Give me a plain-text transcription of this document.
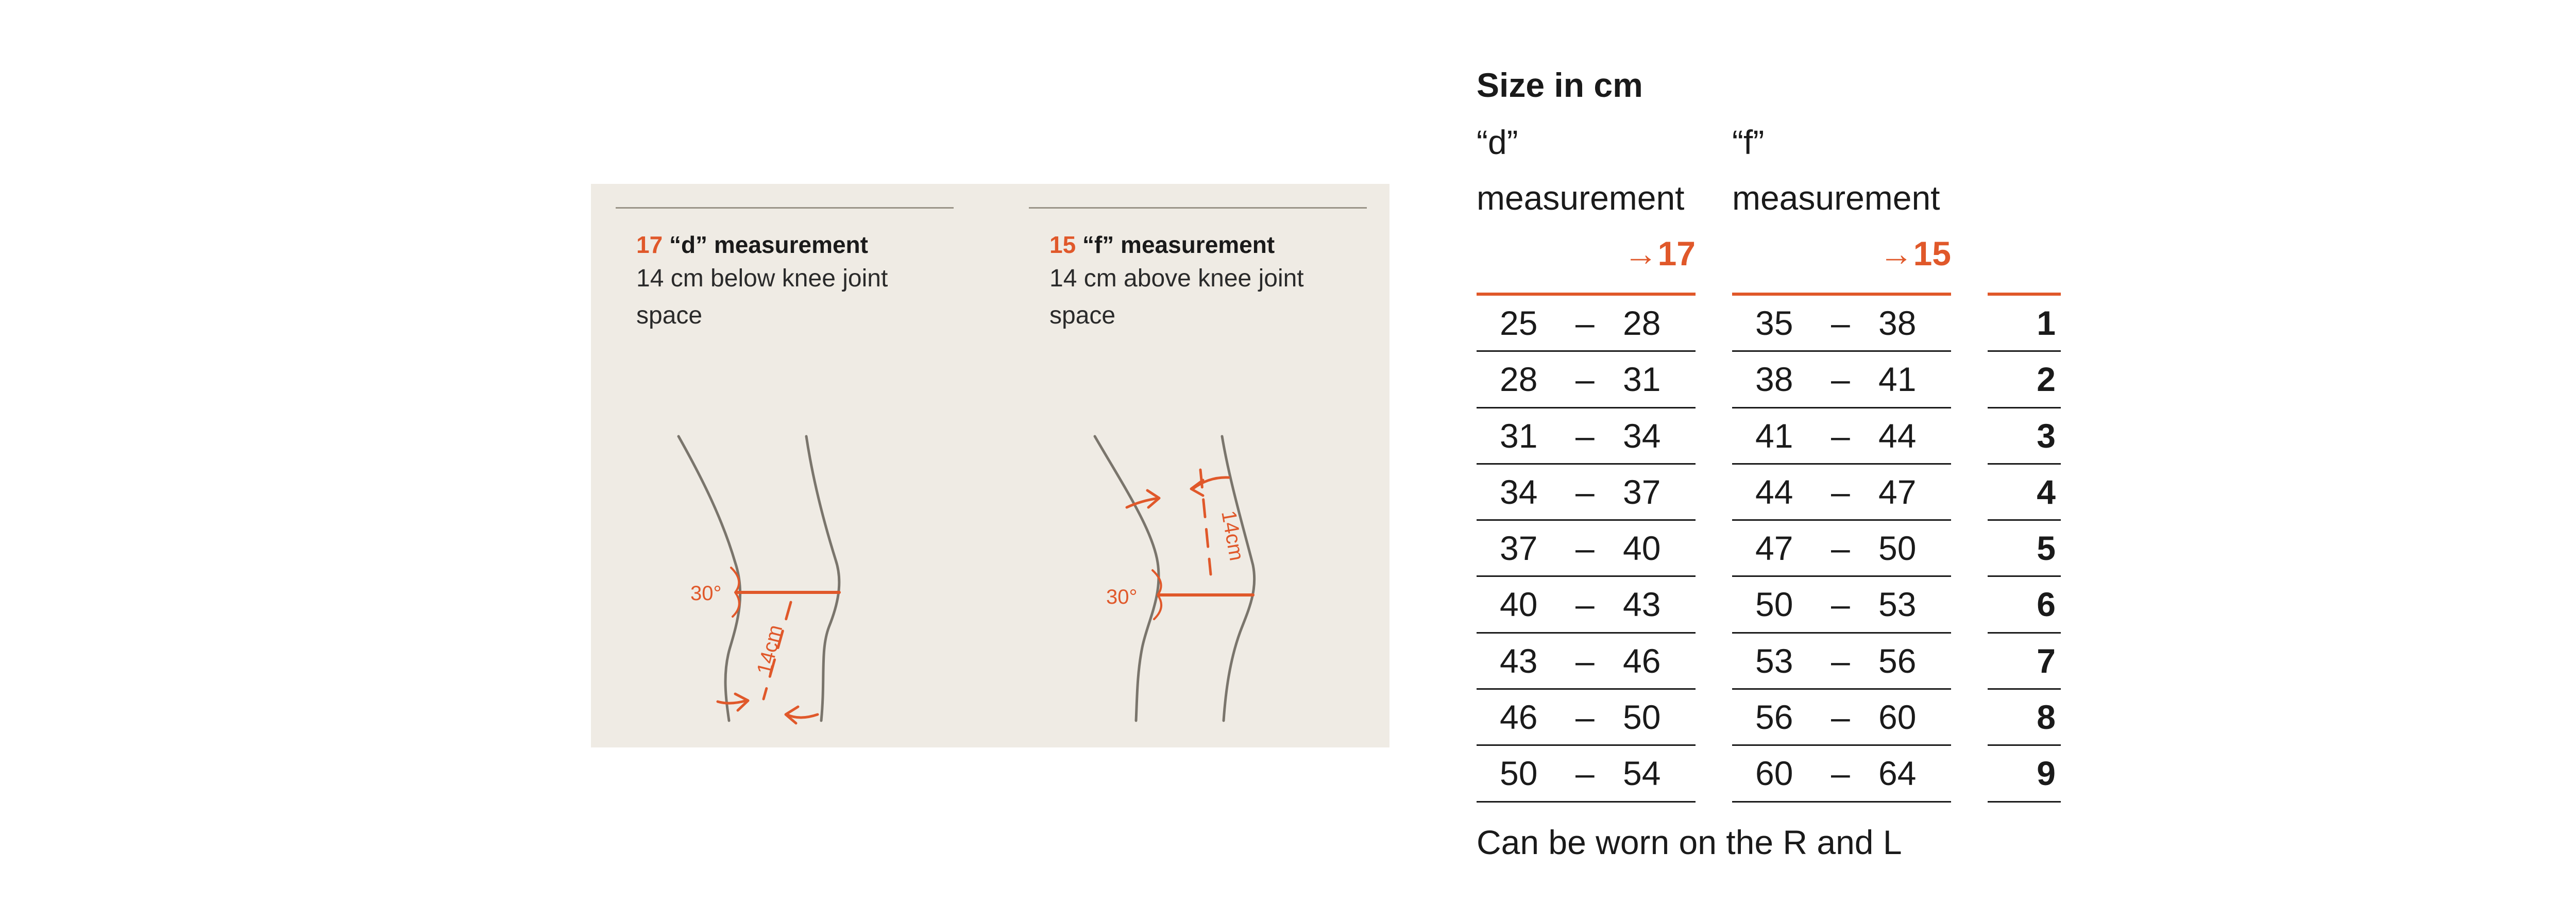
17 “d” measurement
14 cm below knee joint space
15 “f” measurement
14 cm above knee joint space
30°
14cm
30°
14cm
Size in cm
“d”
measurement
→17
“f”
measurement
→15
25 – 28
28 – 31
31 – 34
34 – 37
37 – 40
40 – 43
43 – 46
46 – 50
50 – 54
35 – 38
38 – 41
41 – 44
44 – 47
47 – 50
50 – 53
53 – 56
56 – 60
60 – 64
1
2
3
4
5
6
7
8
9
Can be worn on the R and L
